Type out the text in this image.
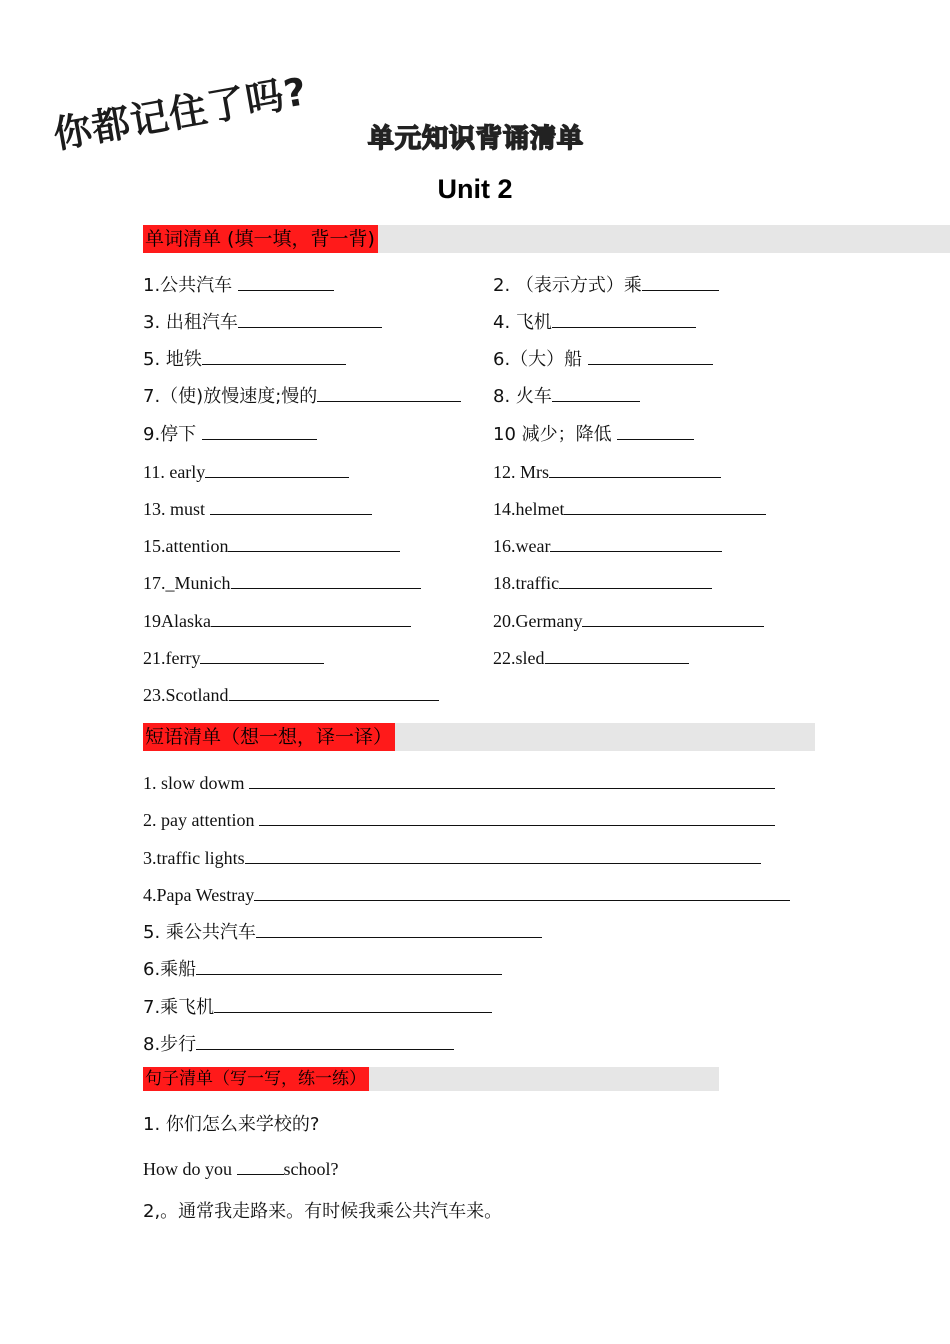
你都记住了吗?	单元知识背诵清单
Unit 2
单词清单 (填一填，背一背)
1.公共汽车	2. （表示方式）乘
3. 出租汽车	4. 飞机
5. 地铁	6.（大）船
7.（使)放慢速度;慢的	8. 火车
9.停下	10 减少；降低
11. early	12. Mrs
13. must	14.helmet
15.attention	16.wear
17._Munich	18.traffic
19Alaska	20.Germany
21.ferry	22.sled
23.Scotland
短语清单（想一想，译一译）
1. slow dowm
2. pay attention
3.traffic lights
4.Papa Westray
5. 乘公共汽车
6.乘船
7.乘飞机
8.步行
句子清单（写一写，练一练）
1. 你们怎么来学校的?
How do you	school?
2,。通常我走路来。有时候我乘公共汽车来。
